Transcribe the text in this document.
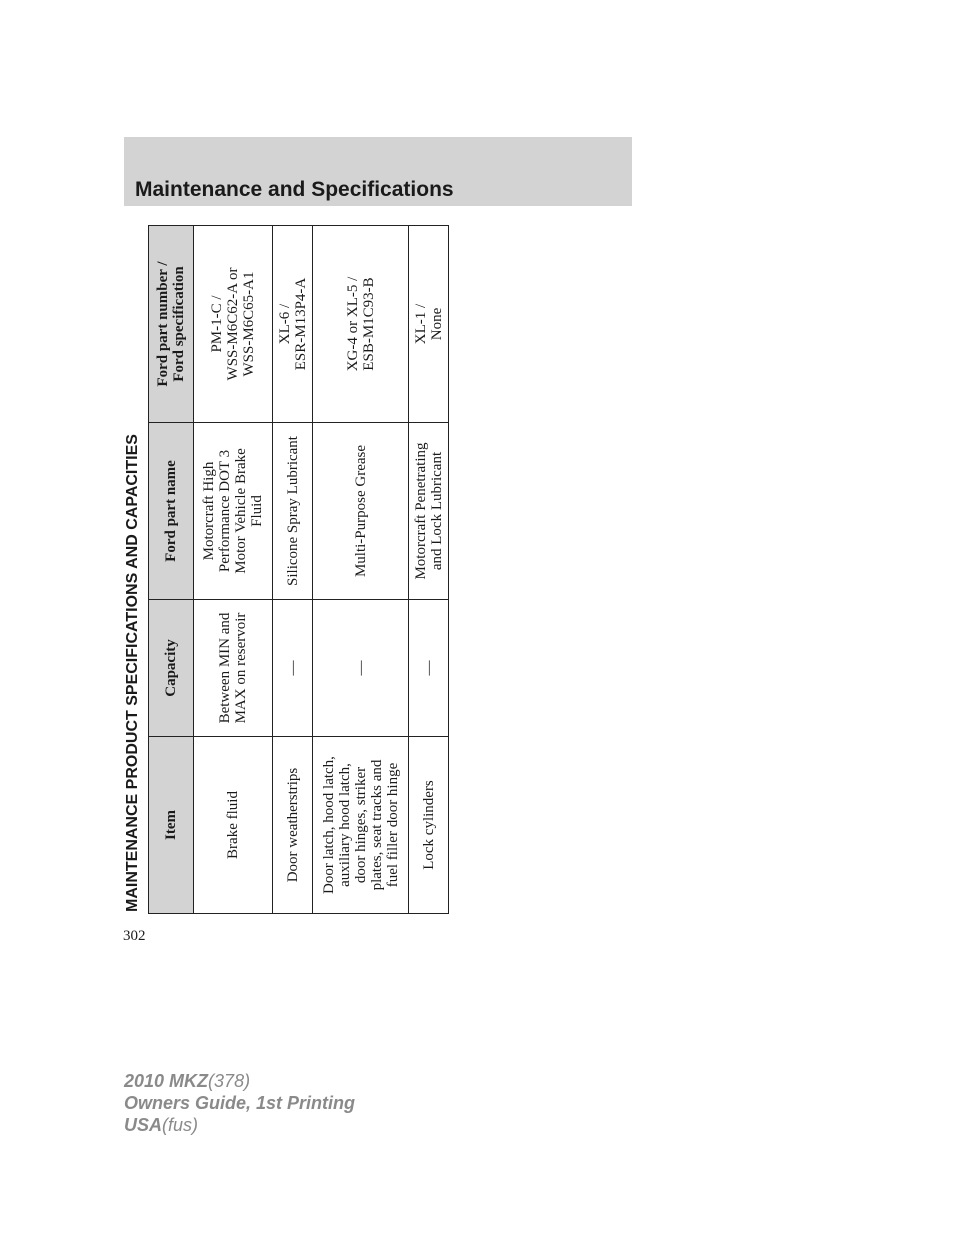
Maintenance and Specifications
MAINTENANCE PRODUCT SPECIFICATIONS AND CAPACITIES	Item	Capacity	Ford part name	Ford part number /
Ford specification
Brake fluid	Between MIN and
MAX on reservoir	Motorcraft High
Performance DOT 3
Motor Vehicle Brake
Fluid	PM-1-C /
WSS-M6C62-A or
WSS-M6C65-A1
Door weatherstrips	—	Silicone Spray Lubricant	XL-6 /
ESR-M13P4-A
Door latch, hood latch,
auxiliary hood latch,
door hinges, striker
plates, seat tracks and
fuel filler door hinge	—	Multi-Purpose Grease	XG-4 or XL-5 /
ESB-M1C93-B
Lock cylinders	—	Motorcraft Penetrating
and Lock Lubricant	XL-1 /
None
302
2010 MKZ(378)
Owners Guide, 1st Printing
USA(fus)
